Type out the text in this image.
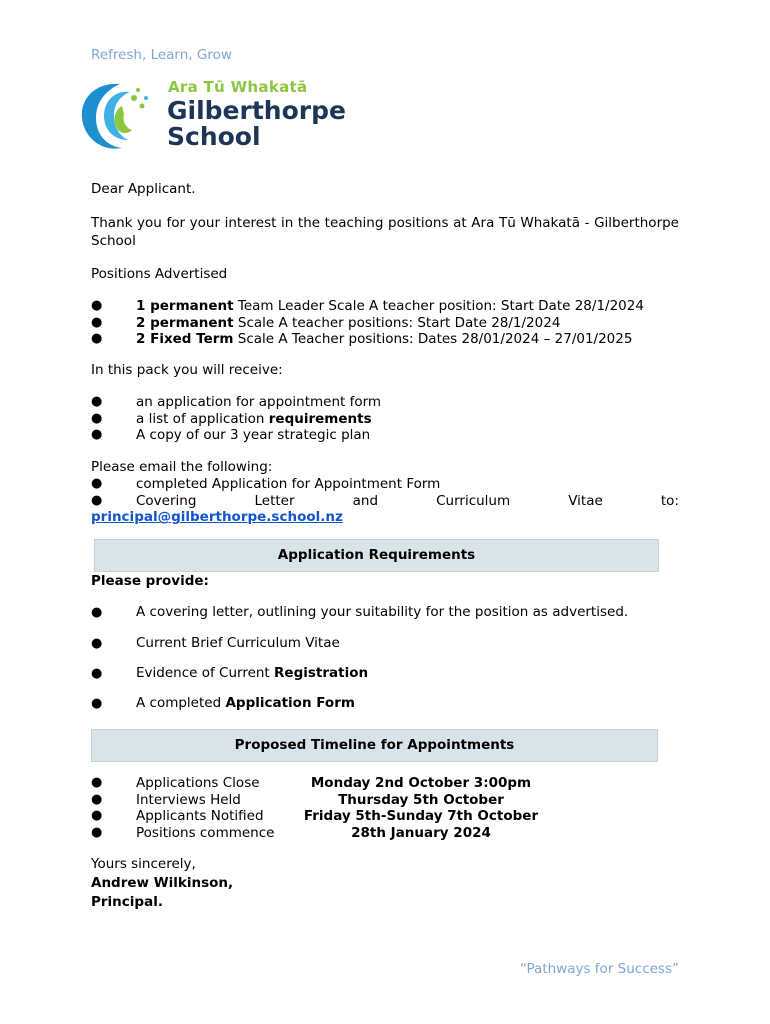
Refresh, Learn, Grow
Ara Tū Whakatā
Gilberthorpe
School
Dear Applicant.
Thank you for your interest in the teaching positions at Ara Tū Whakatā - Gilberthorpe School
Positions Advertised
● 1 permanent Team Leader Scale A teacher position: Start Date 28/1/2024
● 2 permanent Scale A teacher positions: Start Date 28/1/2024
● 2 Fixed Term Scale A Teacher positions: Dates 28/01/2024 – 27/01/2025
In this pack you will receive:
● an application for appointment form
● a list of application requirements
● A copy of our 3 year strategic plan
Please email the following:
● completed Application for Appointment Form
● Covering	Letter	and	Curriculum	Vitae	to:
principal@gilberthorpe.school.nz
Application Requirements
Please provide:
● A covering letter, outlining your suitability for the position as advertised.
● Current Brief Curriculum Vitae
● Evidence of Current Registration
● A completed Application Form
Proposed Timeline for Appointments
● Applications Close	Monday 2nd October 3:00pm
● Interviews Held	Thursday 5th October
● Applicants Notified	Friday 5th-Sunday 7th October
● Positions commence	28th January 2024
Yours sincerely,
Andrew Wilkinson,
Principal.
“Pathways for Success”
